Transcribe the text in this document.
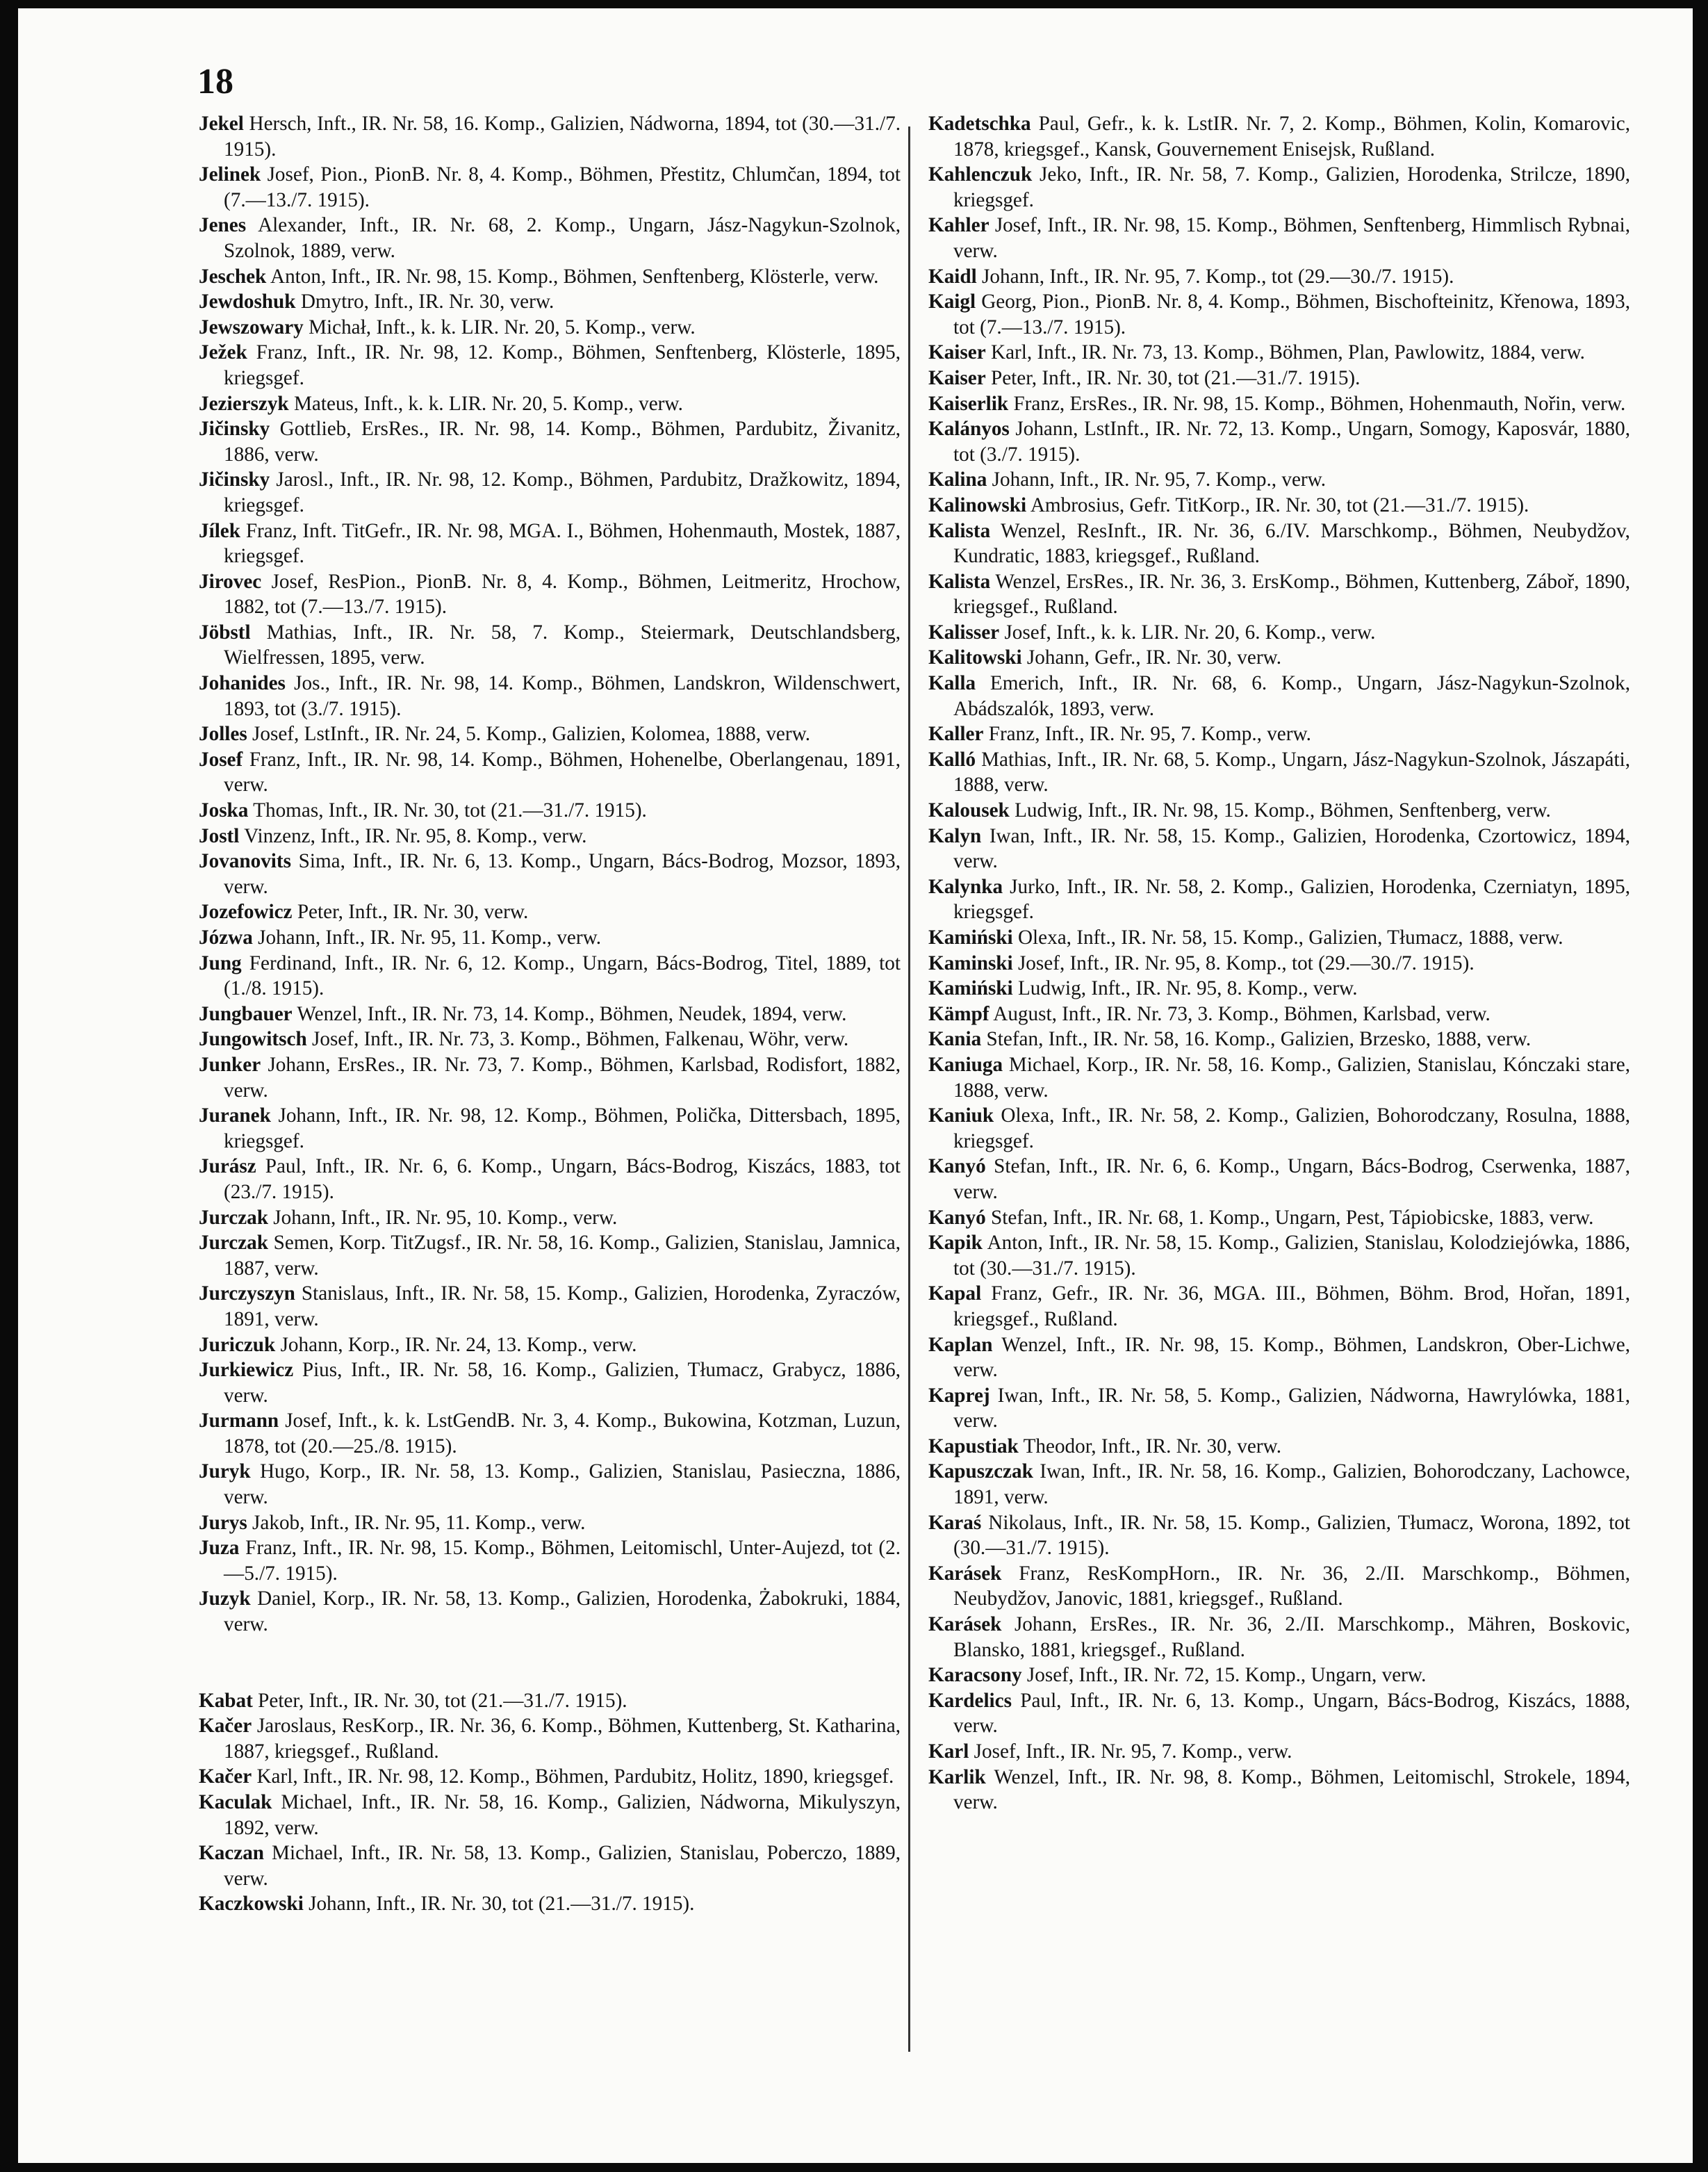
18
Jekel Hersch, Inft., IR. Nr. 58, 16. Komp., Galizien, Nádworna, 1894, tot (30.—31./7. 1915).
Jelinek Josef, Pion., PionB. Nr. 8, 4. Komp., Böhmen, Přestitz, Chlumčan, 1894, tot (7.—13./7. 1915).
Jenes Alexander, Inft., IR. Nr. 68, 2. Komp., Ungarn, Jász-Nagykun-Szolnok, Szolnok, 1889, verw.
Jeschek Anton, Inft., IR. Nr. 98, 15. Komp., Böhmen, Senftenberg, Klösterle, verw.
Jewdoshuk Dmytro, Inft., IR. Nr. 30, verw.
Jewszowary Michał, Inft., k. k. LIR. Nr. 20, 5. Komp., verw.
Ježek Franz, Inft., IR. Nr. 98, 12. Komp., Böhmen, Senftenberg, Klösterle, 1895, kriegsgef.
Jezierszyk Mateus, Inft., k. k. LIR. Nr. 20, 5. Komp., verw.
Jičinsky Gottlieb, ErsRes., IR. Nr. 98, 14. Komp., Böhmen, Pardubitz, Živanitz, 1886, verw.
Jičinsky Jarosl., Inft., IR. Nr. 98, 12. Komp., Böhmen, Pardubitz, Dražkowitz, 1894, kriegsgef.
Jílek Franz, Inft. TitGefr., IR. Nr. 98, MGA. I., Böhmen, Hohenmauth, Mostek, 1887, kriegsgef.
Jirovec Josef, ResPion., PionB. Nr. 8, 4. Komp., Böhmen, Leitmeritz, Hrochow, 1882, tot (7.—13./7. 1915).
Jöbstl Mathias, Inft., IR. Nr. 58, 7. Komp., Steiermark, Deutschlandsberg, Wielfressen, 1895, verw.
Johanides Jos., Inft., IR. Nr. 98, 14. Komp., Böhmen, Landskron, Wildenschwert, 1893, tot (3./7. 1915).
Jolles Josef, LstInft., IR. Nr. 24, 5. Komp., Galizien, Kolomea, 1888, verw.
Josef Franz, Inft., IR. Nr. 98, 14. Komp., Böhmen, Hohenelbe, Oberlangenau, 1891, verw.
Joska Thomas, Inft., IR. Nr. 30, tot (21.—31./7. 1915).
Jostl Vinzenz, Inft., IR. Nr. 95, 8. Komp., verw.
Jovanovits Sima, Inft., IR. Nr. 6, 13. Komp., Ungarn, Bács-Bodrog, Mozsor, 1893, verw.
Jozefowicz Peter, Inft., IR. Nr. 30, verw.
Józwa Johann, Inft., IR. Nr. 95, 11. Komp., verw.
Jung Ferdinand, Inft., IR. Nr. 6, 12. Komp., Ungarn, Bács-Bodrog, Titel, 1889, tot (1./8. 1915).
Jungbauer Wenzel, Inft., IR. Nr. 73, 14. Komp., Böhmen, Neudek, 1894, verw.
Jungowitsch Josef, Inft., IR. Nr. 73, 3. Komp., Böhmen, Falkenau, Wöhr, verw.
Junker Johann, ErsRes., IR. Nr. 73, 7. Komp., Böhmen, Karlsbad, Rodisfort, 1882, verw.
Juranek Johann, Inft., IR. Nr. 98, 12. Komp., Böhmen, Polička, Dittersbach, 1895, kriegsgef.
Jurász Paul, Inft., IR. Nr. 6, 6. Komp., Ungarn, Bács-Bodrog, Kiszács, 1883, tot (23./7. 1915).
Jurczak Johann, Inft., IR. Nr. 95, 10. Komp., verw.
Jurczak Semen, Korp. TitZugsf., IR. Nr. 58, 16. Komp., Galizien, Stanislau, Jamnica, 1887, verw.
Jurczyszyn Stanislaus, Inft., IR. Nr. 58, 15. Komp., Galizien, Horodenka, Zyraczów, 1891, verw.
Juriczuk Johann, Korp., IR. Nr. 24, 13. Komp., verw.
Jurkiewicz Pius, Inft., IR. Nr. 58, 16. Komp., Galizien, Tłumacz, Grabycz, 1886, verw.
Jurmann Josef, Inft., k. k. LstGendB. Nr. 3, 4. Komp., Bukowina, Kotzman, Luzun, 1878, tot (20.—25./8. 1915).
Juryk Hugo, Korp., IR. Nr. 58, 13. Komp., Galizien, Stanislau, Pasieczna, 1886, verw.
Jurys Jakob, Inft., IR. Nr. 95, 11. Komp., verw.
Juza Franz, Inft., IR. Nr. 98, 15. Komp., Böhmen, Leitomischl, Unter-Aujezd, tot (2.—5./7. 1915).
Juzyk Daniel, Korp., IR. Nr. 58, 13. Komp., Galizien, Horodenka, Żabokruki, 1884, verw.
Kabat Peter, Inft., IR. Nr. 30, tot (21.—31./7. 1915).
Kačer Jaroslaus, ResKorp., IR. Nr. 36, 6. Komp., Böhmen, Kuttenberg, St. Katharina, 1887, kriegsgef., Rußland.
Kačer Karl, Inft., IR. Nr. 98, 12. Komp., Böhmen, Pardubitz, Holitz, 1890, kriegsgef.
Kaculak Michael, Inft., IR. Nr. 58, 16. Komp., Galizien, Nádworna, Mikulyszyn, 1892, verw.
Kaczan Michael, Inft., IR. Nr. 58, 13. Komp., Galizien, Stanislau, Poberczo, 1889, verw.
Kaczkowski Johann, Inft., IR. Nr. 30, tot (21.—31./7. 1915).
Kadetschka Paul, Gefr., k. k. LstIR. Nr. 7, 2. Komp., Böhmen, Kolin, Komarovic, 1878, kriegsgef., Kansk, Gouvernement Enisejsk, Rußland.
Kahlenczuk Jeko, Inft., IR. Nr. 58, 7. Komp., Galizien, Horodenka, Strilcze, 1890, kriegsgef.
Kahler Josef, Inft., IR. Nr. 98, 15. Komp., Böhmen, Senftenberg, Himmlisch Rybnai, verw.
Kaidl Johann, Inft., IR. Nr. 95, 7. Komp., tot (29.—30./7. 1915).
Kaigl Georg, Pion., PionB. Nr. 8, 4. Komp., Böhmen, Bischofteinitz, Křenowa, 1893, tot (7.—13./7. 1915).
Kaiser Karl, Inft., IR. Nr. 73, 13. Komp., Böhmen, Plan, Pawlowitz, 1884, verw.
Kaiser Peter, Inft., IR. Nr. 30, tot (21.—31./7. 1915).
Kaiserlik Franz, ErsRes., IR. Nr. 98, 15. Komp., Böhmen, Hohenmauth, Nořin, verw.
Kalányos Johann, LstInft., IR. Nr. 72, 13. Komp., Ungarn, Somogy, Kaposvár, 1880, tot (3./7. 1915).
Kalina Johann, Inft., IR. Nr. 95, 7. Komp., verw.
Kalinowski Ambrosius, Gefr. TitKorp., IR. Nr. 30, tot (21.—31./7. 1915).
Kalista Wenzel, ResInft., IR. Nr. 36, 6./IV. Marschkomp., Böhmen, Neubydžov, Kundratic, 1883, kriegsgef., Rußland.
Kalista Wenzel, ErsRes., IR. Nr. 36, 3. ErsKomp., Böhmen, Kuttenberg, Záboř, 1890, kriegsgef., Rußland.
Kalisser Josef, Inft., k. k. LIR. Nr. 20, 6. Komp., verw.
Kalitowski Johann, Gefr., IR. Nr. 30, verw.
Kalla Emerich, Inft., IR. Nr. 68, 6. Komp., Ungarn, Jász-Nagykun-Szolnok, Abádszalók, 1893, verw.
Kaller Franz, Inft., IR. Nr. 95, 7. Komp., verw.
Kalló Mathias, Inft., IR. Nr. 68, 5. Komp., Ungarn, Jász-Nagykun-Szolnok, Jászapáti, 1888, verw.
Kalousek Ludwig, Inft., IR. Nr. 98, 15. Komp., Böhmen, Senftenberg, verw.
Kalyn Iwan, Inft., IR. Nr. 58, 15. Komp., Galizien, Horodenka, Czortowicz, 1894, verw.
Kalynka Jurko, Inft., IR. Nr. 58, 2. Komp., Galizien, Horodenka, Czerniatyn, 1895, kriegsgef.
Kamiński Olexa, Inft., IR. Nr. 58, 15. Komp., Galizien, Tłumacz, 1888, verw.
Kaminski Josef, Inft., IR. Nr. 95, 8. Komp., tot (29.—30./7. 1915).
Kamiński Ludwig, Inft., IR. Nr. 95, 8. Komp., verw.
Kämpf August, Inft., IR. Nr. 73, 3. Komp., Böhmen, Karlsbad, verw.
Kania Stefan, Inft., IR. Nr. 58, 16. Komp., Galizien, Brzesko, 1888, verw.
Kaniuga Michael, Korp., IR. Nr. 58, 16. Komp., Galizien, Stanislau, Kónczaki stare, 1888, verw.
Kaniuk Olexa, Inft., IR. Nr. 58, 2. Komp., Galizien, Bohorodczany, Rosulna, 1888, kriegsgef.
Kanyó Stefan, Inft., IR. Nr. 6, 6. Komp., Ungarn, Bács-Bodrog, Cserwenka, 1887, verw.
Kanyó Stefan, Inft., IR. Nr. 68, 1. Komp., Ungarn, Pest, Tápiobicske, 1883, verw.
Kapik Anton, Inft., IR. Nr. 58, 15. Komp., Galizien, Stanislau, Kolodziejówka, 1886, tot (30.—31./7. 1915).
Kapal Franz, Gefr., IR. Nr. 36, MGA. III., Böhmen, Böhm. Brod, Hořan, 1891, kriegsgef., Rußland.
Kaplan Wenzel, Inft., IR. Nr. 98, 15. Komp., Böhmen, Landskron, Ober-Lichwe, verw.
Kaprej Iwan, Inft., IR. Nr. 58, 5. Komp., Galizien, Nádworna, Hawrylówka, 1881, verw.
Kapustiak Theodor, Inft., IR. Nr. 30, verw.
Kapuszczak Iwan, Inft., IR. Nr. 58, 16. Komp., Galizien, Bohorodczany, Lachowce, 1891, verw.
Karaś Nikolaus, Inft., IR. Nr. 58, 15. Komp., Galizien, Tłumacz, Worona, 1892, tot (30.—31./7. 1915).
Karásek Franz, ResKompHorn., IR. Nr. 36, 2./II. Marschkomp., Böhmen, Neubydžov, Janovic, 1881, kriegsgef., Rußland.
Karásek Johann, ErsRes., IR. Nr. 36, 2./II. Marschkomp., Mähren, Boskovic, Blansko, 1881, kriegsgef., Rußland.
Karacsony Josef, Inft., IR. Nr. 72, 15. Komp., Ungarn, verw.
Kardelics Paul, Inft., IR. Nr. 6, 13. Komp., Ungarn, Bács-Bodrog, Kiszács, 1888, verw.
Karl Josef, Inft., IR. Nr. 95, 7. Komp., verw.
Karlik Wenzel, Inft., IR. Nr. 98, 8. Komp., Böhmen, Leitomischl, Strokele, 1894, verw.
